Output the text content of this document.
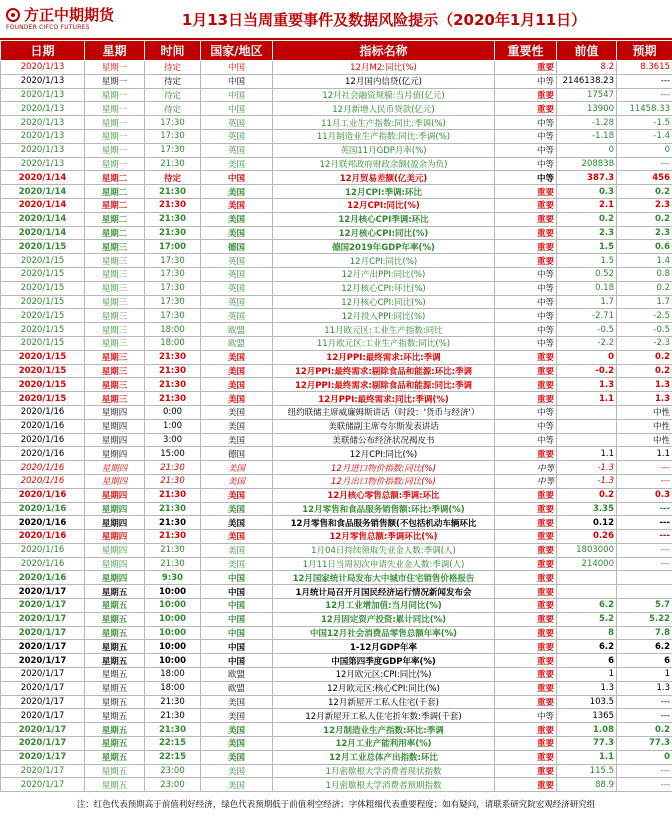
方正中期期货
FOUNDER CIFCO FUTURES	1月13日当周重要事件及数据风险提示（2020年1月11日）
日期	星期	时间	国家/地区	指标名称	重要性	前值	预期
2020/1/13	星期一	待定	中国	12月M2:同比(%)	重要	8.2	8.3615
2020/1/13	星期一	待定	中国	12月国内信贷(亿元)	中等	2146138.23	---
2020/1/13	星期一	待定	中国	12月社会融资规模:当月值(亿元)	重要	17547	---
2020/1/13	星期一	待定	中国	12月新增人民币贷款(亿元)	重要	13900	11458.33
2020/1/13	星期一	17:30	英国	11月工业生产指数:同比:季调(%)	中等	-1.28	-1.5
2020/1/13	星期一	17:30	英国	11月制造业生产指数:同比:季调(%)	中等	-1.18	-1.4
2020/1/13	星期一	17:30	英国	英国11月GDP月率(%)	中等	0	0
2020/1/13	星期一	21:30	美国	12月联邦政府财政余额(盈余为负)	中等	208838	---
2020/1/14	星期二	待定	中国	12月贸易差额(亿美元)	中等	387.3	456
2020/1/14	星期二	21:30	美国	12月CPI:季调:环比	重要	0.3	0.2
2020/1/14	星期二	21:30	美国	12月CPI:同比(%)	重要	2.1	2.3
2020/1/14	星期二	21:30	美国	12月核心CPI季调:环比	重要	0.2	0.2
2020/1/14	星期二	21:30	美国	12月核心CPI:同比(%)	重要	2.3	2.3
2020/1/15	星期三	17:00	德国	德国2019年GDP年率(%)	重要	1.5	0.6
2020/1/15	星期三	17:30	英国	12月CPI:同比(%)	重要	1.5	1.4
2020/1/15	星期三	17:30	英国	12月产出PPI:同比(%)	中等	0.52	0.8
2020/1/15	星期三	17:30	英国	12月核心CPI:环比(%)	中等	0.18	0.2
2020/1/15	星期三	17:30	英国	12月核心CPI:同比(%)	中等	1.7	1.7
2020/1/15	星期三	17:30	英国	12月投入PPI:同比(%)	中等	-2.71	-2.5
2020/1/15	星期三	18:00	欧盟	11月欧元区:工业生产指数:同比	中等	-0.5	-0.5
2020/1/15	星期三	18:00	欧盟	11月欧元区:工业生产指数:同比(%)	中等	-2.2	-2.3
2020/1/15	星期三	21:30	美国	12月PPI:最终需求:环比:季调	重要	0	0.2
2020/1/15	星期三	21:30	美国	12月PPI:最终需求:剔除食品和能源:环比:季调	重要	-0.2	0.2
2020/1/15	星期三	21:30	美国	12月PPI:最终需求:剔除食品和能源:同比:季调	重要	1.3	1.3
2020/1/15	星期三	21:30	美国	12月PPI:最终需求:同比:季调(%)	重要	1.1	1.3
2020/1/16	星期四	0:00	美国	纽约联储主席威廉姆斯讲话（时段：'货币与经济'）	中等		中性
2020/1/16	星期四	1:00	美国	美联储副主席夸尔斯发表讲话	中等		中性
2020/1/16	星期四	3:00	美国	美联储公布经济状况褐皮书	中等		中性
2020/1/16	星期四	15:00	德国	12月CPI:同比(%)	重要	1.1	1.1
2020/1/16	星期四	21:30	美国	12月进口物价指数:同比(%)	中等	-1.3	---
2020/1/16	星期四	21:30	美国	12月出口物价指数:同比(%)	中等	-1.3	---
2020/1/16	星期四	21:30	美国	12月核心零售总额:季调:环比	重要	0.2	0.3
2020/1/16	星期四	21:30	美国	12月零售和食品服务销售额:环比:季调(%)	重要	3.35	---
2020/1/16	星期四	21:30	美国	12月零售和食品服务销售额(不包括机动车辆环比	重要	0.12	---
2020/1/16	星期四	21:30	美国	12月零售总额:季调环比(%)	重要	0.26	---
2020/1/16	星期四	21:30	美国	1月04日持续领取失业金人数:季调(人)	重要	1803000	---
2020/1/16	星期四	21:30	美国	1月11日当周初次申请失业金人数:季调(人)	重要	214000	---
2020/1/16	星期四	9:30	中国	12月国家统计局发布大中城市住宅销售价格报告	重要		
2020/1/17	星期五	10:00	中国	1月统计局召开月国民经济运行情况新闻发布会	重要		
2020/1/17	星期五	10:00	中国	12月工业增加值:当月同比(%)	重要	6.2	5.7
2020/1/17	星期五	10:00	中国	12月固定资产投资:累计同比(%)	重要	5.2	5.22
2020/1/17	星期五	10:00	中国	中国12月社会消费品零售总额年率(%)	重要	8	7.8
2020/1/17	星期五	10:00	中国	1-12月GDP年率	重要	6.2	6.2
2020/1/17	星期五	10:00	中国	中国第四季度GDP年率(%)	重要	6	6
2020/1/17	星期五	18:00	欧盟	12月欧元区:CPI:同比(%)	重要	1	1
2020/1/17	星期五	18:00	欧盟	12月欧元区:核心CPI:同比(%)	重要	1.3	1.3
2020/1/17	星期五	21:30	美国	12月新屋开工私人住宅(千套)	重要	103.5	---
2020/1/17	星期五	21:30	美国	12月新屋开工私人住宅折年数:季调(千套)	中等	1365	---
2020/1/17	星期五	21:30	美国	12月制造业生产指数:环比:季调	重要	1.08	0.2
2020/1/17	星期五	22:15	美国	12月工业产能利用率(%)	重要	77.3	77.3
2020/1/17	星期五	22:15	美国	12月工业总体产出指数:环比	重要	1.1	0
2020/1/17	星期五	23:00	美国	1月密歇根大学消费者现状指数	重要	115.5	---
2020/1/17	星期五	23:00	美国	1月密歇根大学消费者预期指数	重要	88.9	---
注：红色代表预期高于前值利好经济，绿色代表预期低于前值利空经济；字体粗细代表重要程度；如有疑问，请联系研究院宏观经济研究组
